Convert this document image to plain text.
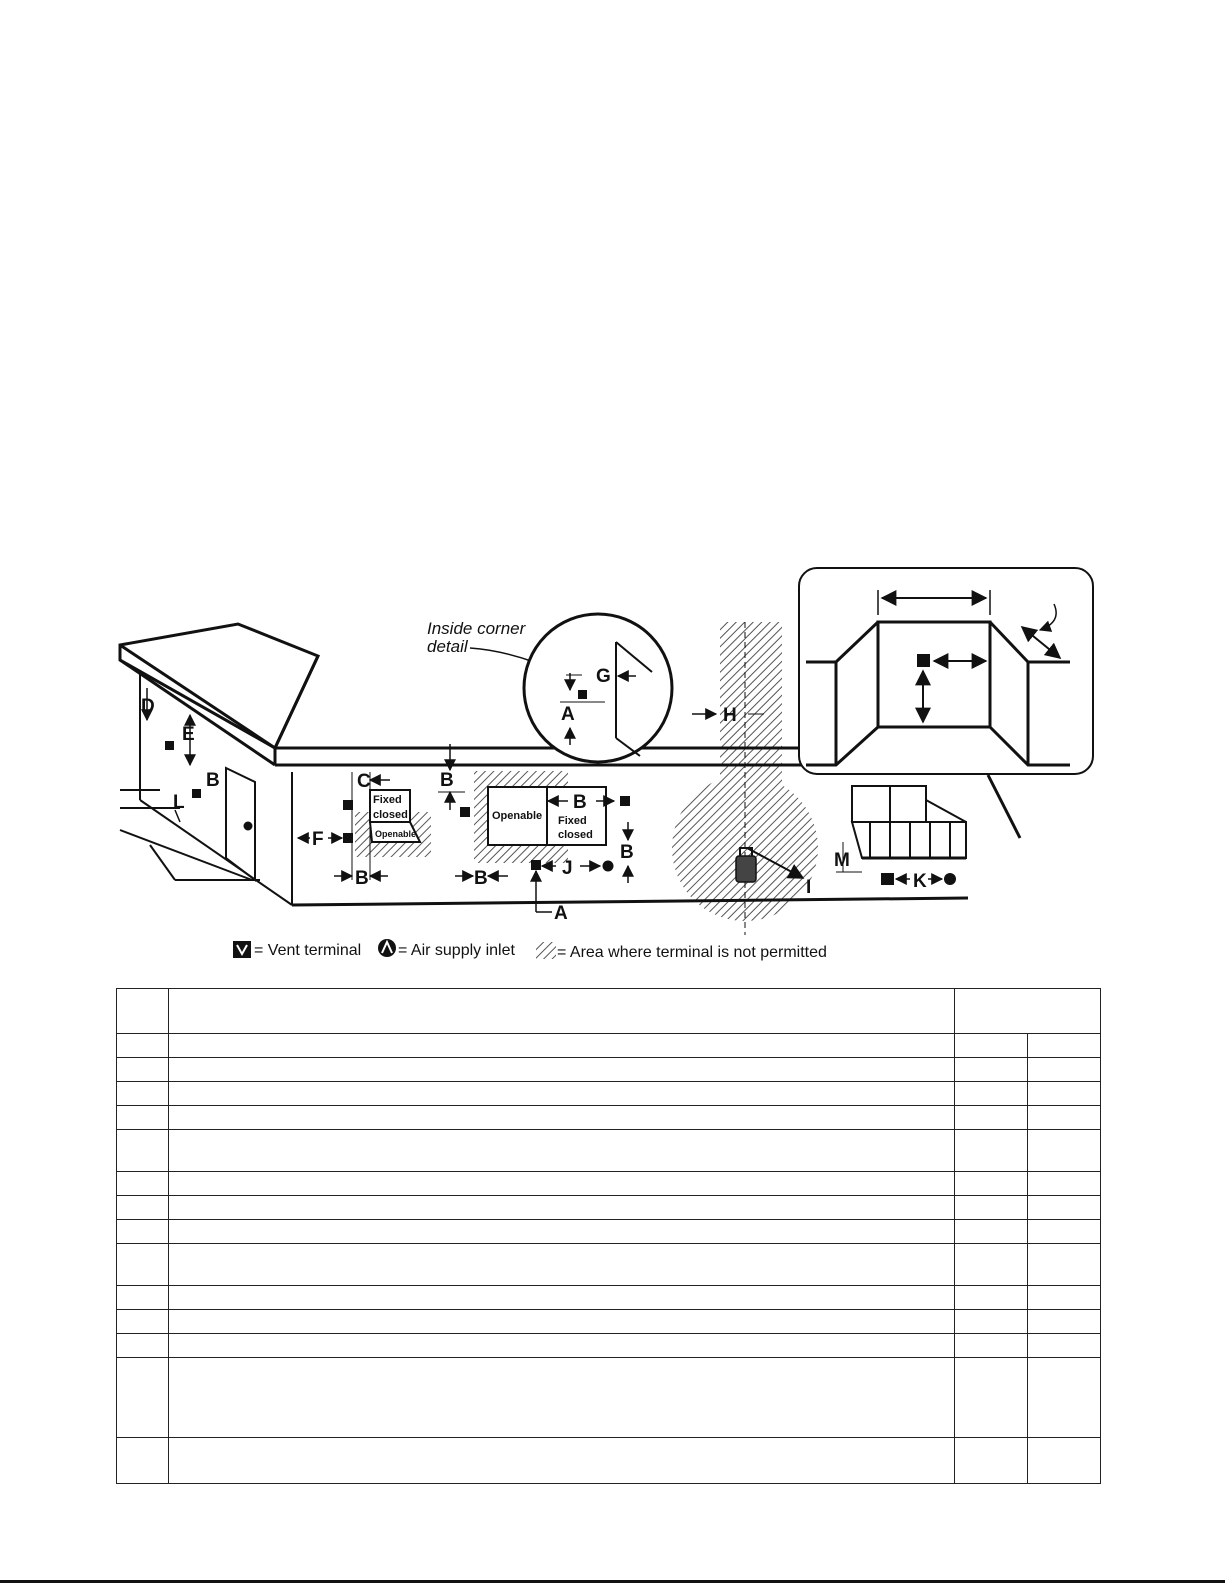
D
E
B
L	Fixed
closed
Openable
C
F
B
B
Openable Fixed
closed
B
B
B	J
A
Inside corner
detail
A
G
H
I
M
K
= Vent terminal = Air supply inlet	= Area where terminal is not permitted
